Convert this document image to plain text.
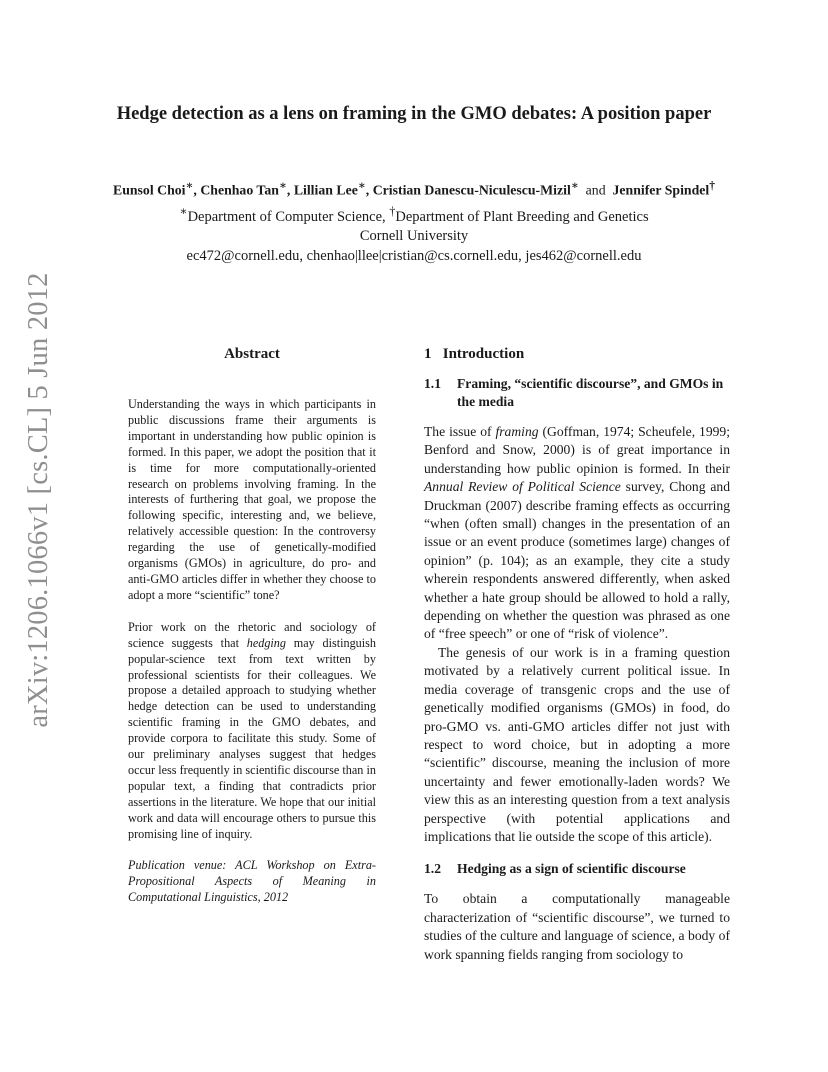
arXiv:1206.1066v1 [cs.CL] 5 Jun 2012
Hedge detection as a lens on framing in the GMO debates: A position paper
Eunsol Choi∗, Chenhao Tan∗, Lillian Lee∗, Cristian Danescu-Niculescu-Mizil∗ and Jennifer Spindel†
∗Department of Computer Science, †Department of Plant Breeding and Genetics
Cornell University
ec472@cornell.edu, chenhao|llee|cristian@cs.cornell.edu, jes462@cornell.edu
Abstract

Understanding the ways in which participants in public discussions frame their arguments is important in understanding how public opinion is formed. In this paper, we adopt the position that it is time for more computationally-oriented research on problems involving framing. In the interests of furthering that goal, we propose the following specific, interesting and, we believe, relatively accessible question: In the controversy regarding the use of genetically-modified organisms (GMOs) in agriculture, do pro- and anti-GMO articles differ in whether they choose to adopt a more “scientific” tone?

Prior work on the rhetoric and sociology of science suggests that hedging may distinguish popular-science text from text written by professional scientists for their colleagues. We propose a detailed approach to studying whether hedge detection can be used to understanding scientific framing in the GMO debates, and provide corpora to facilitate this study. Some of our preliminary analyses suggest that hedges occur less frequently in scientific discourse than in popular text, a finding that contradicts prior assertions in the literature. We hope that our initial work and data will encourage others to pursue this promising line of inquiry.

Publication venue: ACL Workshop on Extra-Propositional Aspects of Meaning in Computational Linguistics, 2012
1 Introduction
1.1	Framing, “scientific discourse”, and GMOs in the media

The issue of framing (Goffman, 1974; Scheufele, 1999; Benford and Snow, 2000) is of great importance in understanding how public opinion is formed. In their Annual Review of Political Science survey, Chong and Druckman (2007) describe framing effects as occurring “when (often small) changes in the presentation of an issue or an event produce (sometimes large) changes of opinion” (p. 104); as an example, they cite a study wherein respondents answered differently, when asked whether a hate group should be allowed to hold a rally, depending on whether the question was phrased as one of “free speech” or one of “risk of violence”.

The genesis of our work is in a framing question motivated by a relatively current political issue. In media coverage of transgenic crops and the use of genetically modified organisms (GMOs) in food, do pro-GMO vs. anti-GMO articles differ not just with respect to word choice, but in adopting a more “scientific” discourse, meaning the inclusion of more uncertainty and fewer emotionally-laden words? We view this as an interesting question from a text analysis perspective (with potential applications and implications that lie outside the scope of this article).

1.2	Hedging as a sign of scientific discourse

To obtain a computationally manageable characterization of “scientific discourse”, we turned to studies of the culture and language of science, a body of work spanning fields ranging from sociology to
